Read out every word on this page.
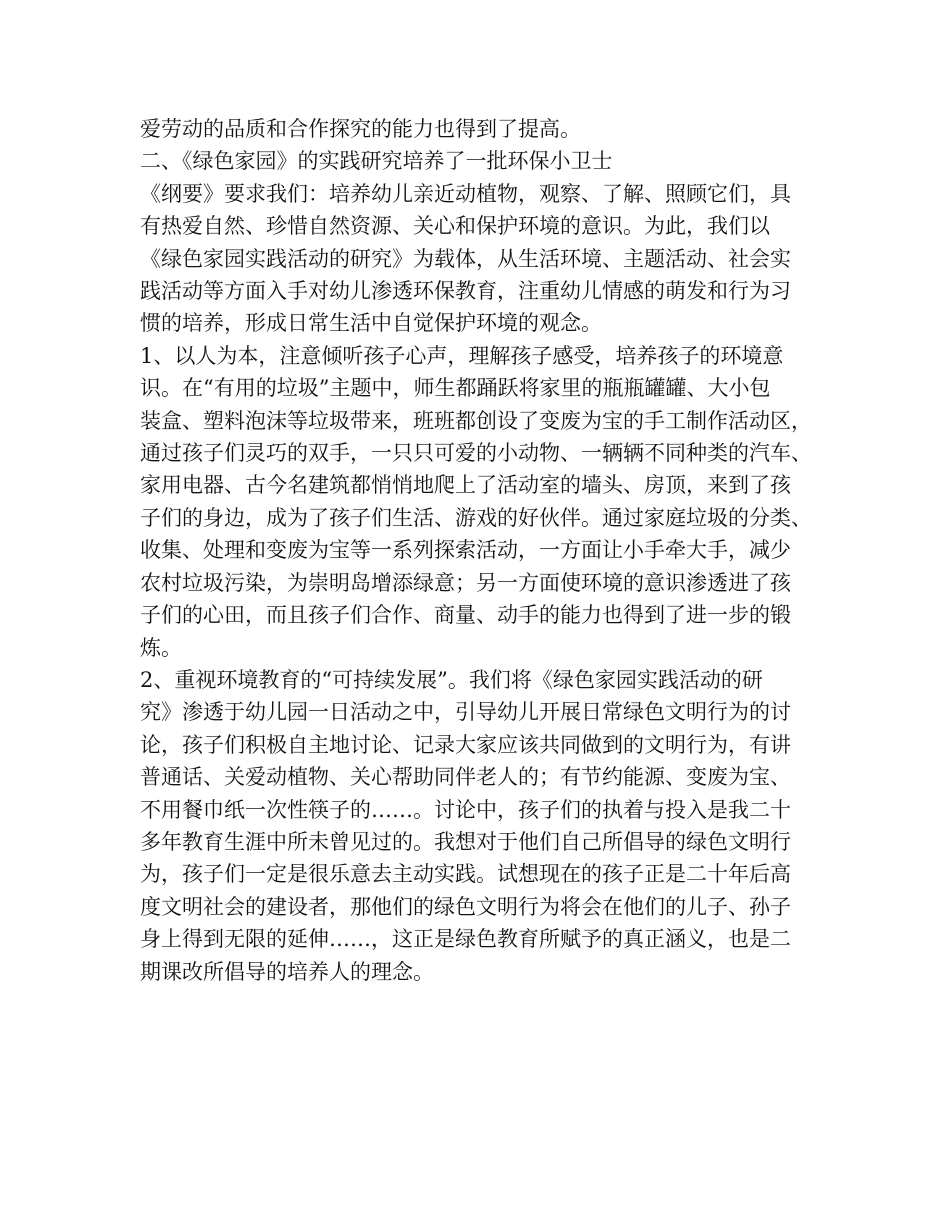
爱劳动的品质和合作探究的能力也得到了提高。
二、《绿色家园》的实践研究培养了一批环保小卫士
《纲要》要求我们：培养幼儿亲近动植物，观察、了解、照顾它们，具
有热爱自然、珍惜自然资源、关心和保护环境的意识。为此，我们以
《绿色家园实践活动的研究》为载体，从生活环境、主题活动、社会实
践活动等方面入手对幼儿渗透环保教育，注重幼儿情感的萌发和行为习
惯的培养，形成日常生活中自觉保护环境的观念。
1、以人为本，注意倾听孩子心声，理解孩子感受，培养孩子的环境意
识。在“有用的垃圾”主题中，师生都踊跃将家里的瓶瓶罐罐、大小包
装盒、塑料泡沫等垃圾带来，班班都创设了变废为宝的手工制作活动区，
通过孩子们灵巧的双手，一只只可爱的小动物、一辆辆不同种类的汽车、
家用电器、古今名建筑都悄悄地爬上了活动室的墙头、房顶，来到了孩
子们的身边，成为了孩子们生活、游戏的好伙伴。通过家庭垃圾的分类、
收集、处理和变废为宝等一系列探索活动，一方面让小手牵大手，减少
农村垃圾污染，为崇明岛增添绿意；另一方面使环境的意识渗透进了孩
子们的心田，而且孩子们合作、商量、动手的能力也得到了进一步的锻
炼。
2、重视环境教育的“可持续发展”。我们将《绿色家园实践活动的研
究》渗透于幼儿园一日活动之中，引导幼儿开展日常绿色文明行为的讨
论，孩子们积极自主地讨论、记录大家应该共同做到的文明行为，有讲
普通话、关爱动植物、关心帮助同伴老人的；有节约能源、变废为宝、
不用餐巾纸一次性筷子的……。讨论中，孩子们的执着与投入是我二十
多年教育生涯中所未曾见过的。我想对于他们自己所倡导的绿色文明行
为，孩子们一定是很乐意去主动实践。试想现在的孩子正是二十年后高
度文明社会的建设者，那他们的绿色文明行为将会在他们的儿子、孙子
身上得到无限的延伸……，这正是绿色教育所赋予的真正涵义，也是二
期课改所倡导的培养人的理念。
